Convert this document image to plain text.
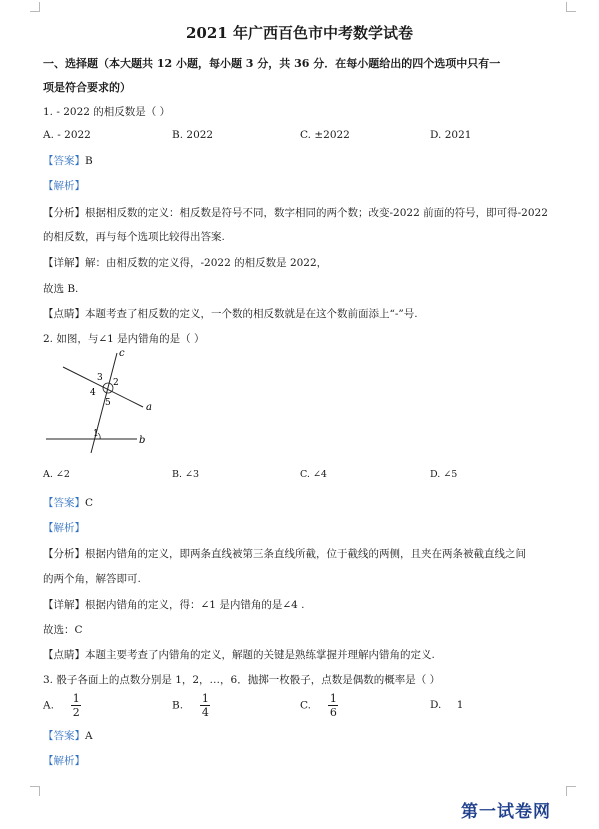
2021 年广西百色市中考数学试卷
一、选择题（本大题共 12 小题，每小题 3 分，共 36 分．在每小题给出的四个选项中只有一
项是符合要求的）
1. - 2022 的相反数是（ ）
A. - 2022	B. 2022	C. ±2022	D. 2021
【答案】B
【解析】
【分析】根据相反数的定义：相反数是符号不同，数字相同的两个数；改变-2022 前面的符号，即可得-2022
的相反数，再与每个选项比较得出答案.
【详解】解：由相反数的定义得，-2022 的相反数是 2022，
故选 B.
【点睛】本题考查了相反数的定义，一个数的相反数就是在这个数前面添上“-”号.
2. 如图，与∠1 是内错角的是（ ）
c
a
b
3 2
4
5
1
A. ∠2	B. ∠3	C. ∠4	D. ∠5
【答案】C
【解析】
【分析】根据内错角的定义，即两条直线被第三条直线所截，位于截线的两侧，且夹在两条被截直线之间
的两个角，解答即可.
【详解】根据内错角的定义，得：∠1 是内错角的是∠4 .
故选：C
【点睛】本题主要考查了内错角的定义，解题的关键是熟练掌握并理解内错角的定义.
3. 骰子各面上的点数分别是 1，2，…，6．抛掷一枚骰子，点数是偶数的概率是（ ）
A. $\frac{1}{2}$	B. $\frac{1}{4}$	C. $\frac{1}{6}$	D. 1
【答案】A
【解析】
第一试卷网
